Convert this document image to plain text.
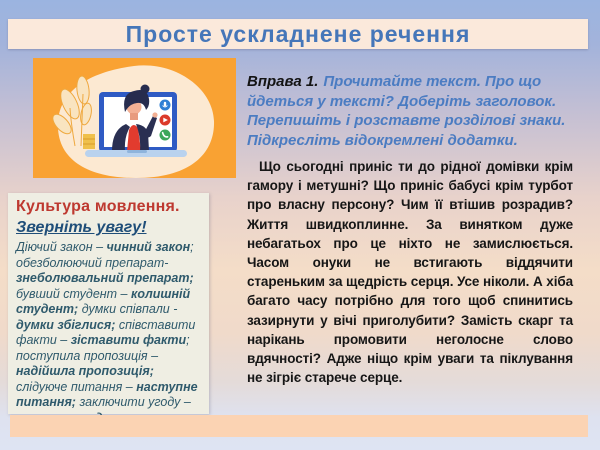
Просте ускладнене речення

Культура мовлення.

Зверніть увагу!

Діючий закон – чинний закон; обезболюючий препарат- знеболювальний препарат; бувший студент – колишній студент; думки співпали - думки збіглися; співставити факти – зіставити факти; поступила пропозиція – надійшла пропозиція; слідуюче питання – наступне питання; заключити угоду –

Вправа 1. Прочитайте текст. Про що йдеться у тексті? Доберіть заголовок. Перепишіть і розставте розділові знаки. Підкресліть відокремлені додатки.

Що сьогодні приніс ти до рідної домівки крім гамору і метушні? Що приніс бабусі крім турбот про власну персону? Чим її втішив розрадив? Життя швидкоплинне. За винятком дуже небагатьох про це ніхто не замислюється. Часом онуки не встигають віддячити стареньким за щедрість серця. Усе ніколи. А хіба багато часу потрібно для того щоб спинитись зазирнути у вічі приголубити? Замість скарг та нарікань промовити неголосне слово вдячності? Адже ніщо крім уваги та піклування не зігріє старече серце.
